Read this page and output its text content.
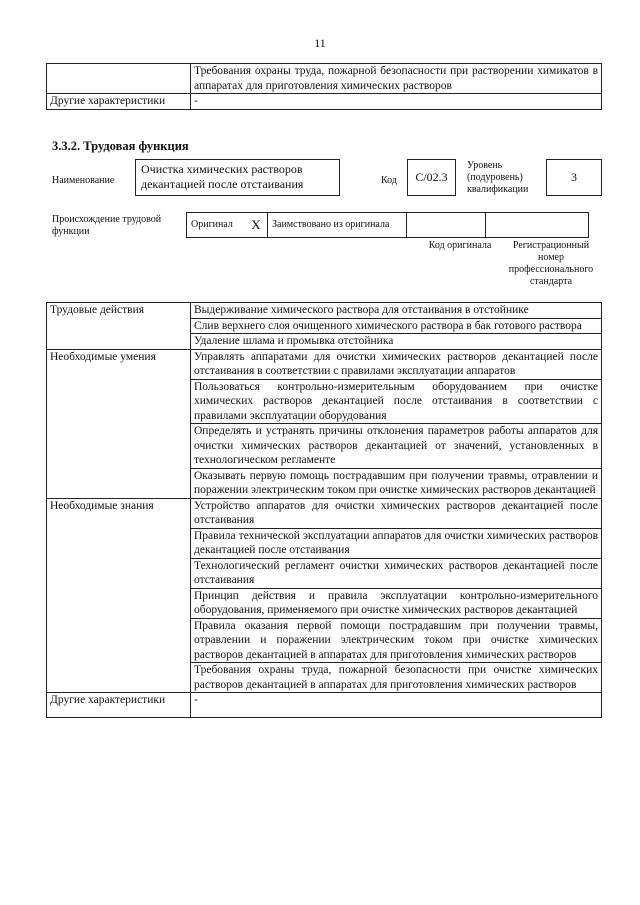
11
	Требования охраны труда, пожарной безопасности при растворении химикатов в аппаратах для приготовления химических растворов
Другие характеристики	-
3.3.2. Трудовая функция
Наименование
Очистка химических растворов декантацией после отстаивания	Код	C/02.3
Уровень (подуровень) квалификации
3
Происхождение трудовой функции
Оригинал	X	Заимствовано из оригинала		
Код оригинала	Регистрационный номер профессионального стандарта
Трудовые действия	Выдерживание химического раствора для отстаивания в отстойнике
	Слив верхнего слоя очищенного химического раствора в бак готового раствора
	Удаление шлама и промывка отстойника
Необходимые умения	Управлять аппаратами для очистки химических растворов декантацией после отстаивания в соответствии с правилами эксплуатации аппаратов
	Пользоваться контрольно-измерительным оборудованием при очистке химических растворов декантацией после отстаивания в соответствии с правилами эксплуатации оборудования
	Определять и устранять причины отклонения параметров работы аппаратов для очистки химических растворов декантацией от значений, установленных в технологическом регламенте
	Оказывать первую помощь пострадавшим при получении травмы, отравлении и поражении электрическим током при очистке химических растворов декантацией
Необходимые знания	Устройство аппаратов для очистки химических растворов декантацией после отстаивания
	Правила технической эксплуатации аппаратов для очистки химических растворов декантацией после отстаивания
	Технологический регламент очистки химических растворов декантацией после отстаивания
	Принцип действия и правила эксплуатации контрольно-измерительного оборудования, применяемого при очистке химических растворов декантацией
	Правила оказания первой помощи пострадавшим при получении травмы, отравлении и поражении электрическим током при очистке химических растворов декантацией в аппаратах для приготовления химических растворов
	Требования охраны труда, пожарной безопасности при очистке химических растворов декантацией в аппаратах для приготовления химических растворов
Другие характеристики	-
